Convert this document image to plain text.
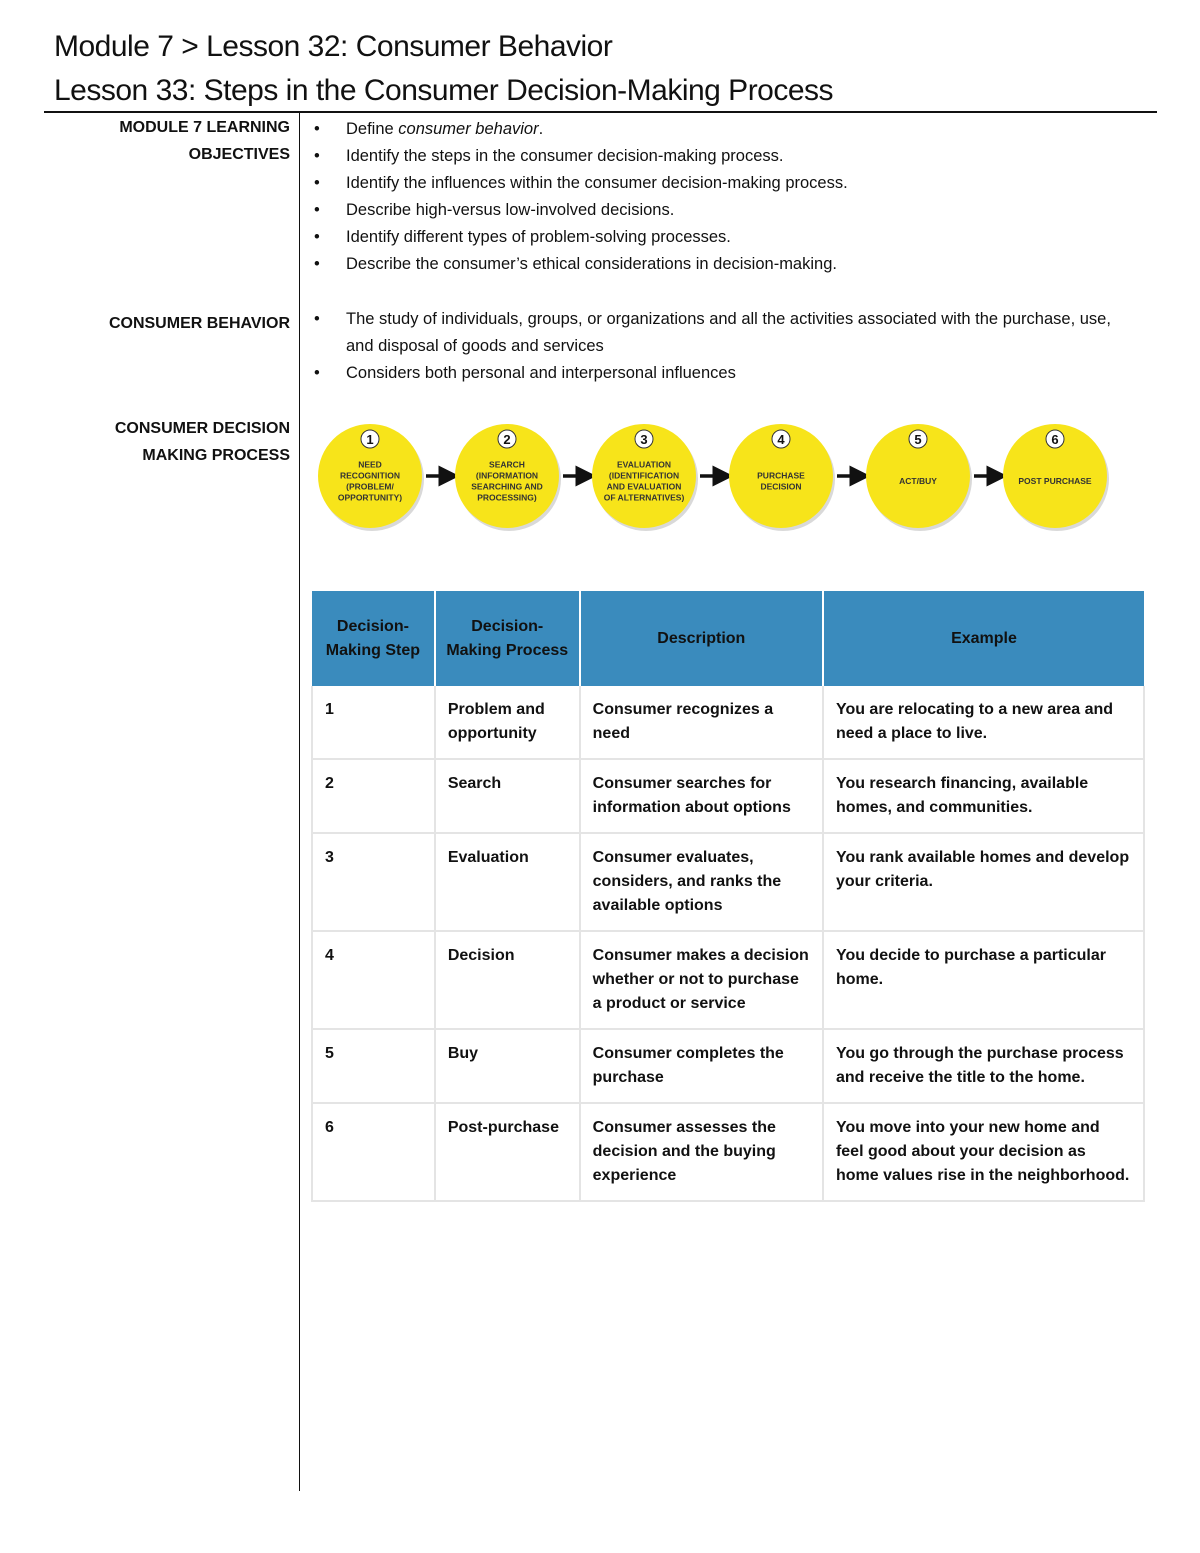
Module 7 > Lesson 32: Consumer Behavior
Lesson 33: Steps in the Consumer Decision-Making Process
MODULE 7 LEARNING
OBJECTIVES
• Define consumer behavior.
• Identify the steps in the consumer decision-making process.
• Identify the influences within the consumer decision-making process.
• Describe high-versus low-involved decisions.
• Identify different types of problem-solving processes.
• Describe the consumer’s ethical considerations in decision-making.
CONSUMER BEHAVIOR • The study of individuals, groups, or organizations and all the activities associated with the purchase, use, and disposal of goods and services
• Considers both personal and interpersonal influences
CONSUMER DECISION
MAKING PROCESS
1
NEED
RECOGNITION
(PROBLEM/
OPPORTUNITY)
2
SEARCH
(INFORMATION
SEARCHING AND
PROCESSING)
3
EVALUATION
(IDENTIFICATION
AND EVALUATION
OF ALTERNATIVES)
4
PURCHASE
DECISION
5
ACT/BUY
6
POST PURCHASE
Decision-Making Step	Decision-Making Process	Description	Example
1	Problem and opportunity	Consumer recognizes a need	You are relocating to a new area and need a place to live.
2	Search	Consumer searches for information about options	You research financing, available homes, and communities.
3	Evaluation	Consumer evaluates, considers, and ranks the available options	You rank available homes and develop your criteria.
4	Decision	Consumer makes a decision whether or not to purchase a product or service	You decide to purchase a particular home.
5	Buy	Consumer completes the purchase	You go through the purchase process and receive the title to the home.
6	Post-purchase	Consumer assesses the decision and the buying experience	You move into your new home and feel good about your decision as home values rise in the neighborhood.
